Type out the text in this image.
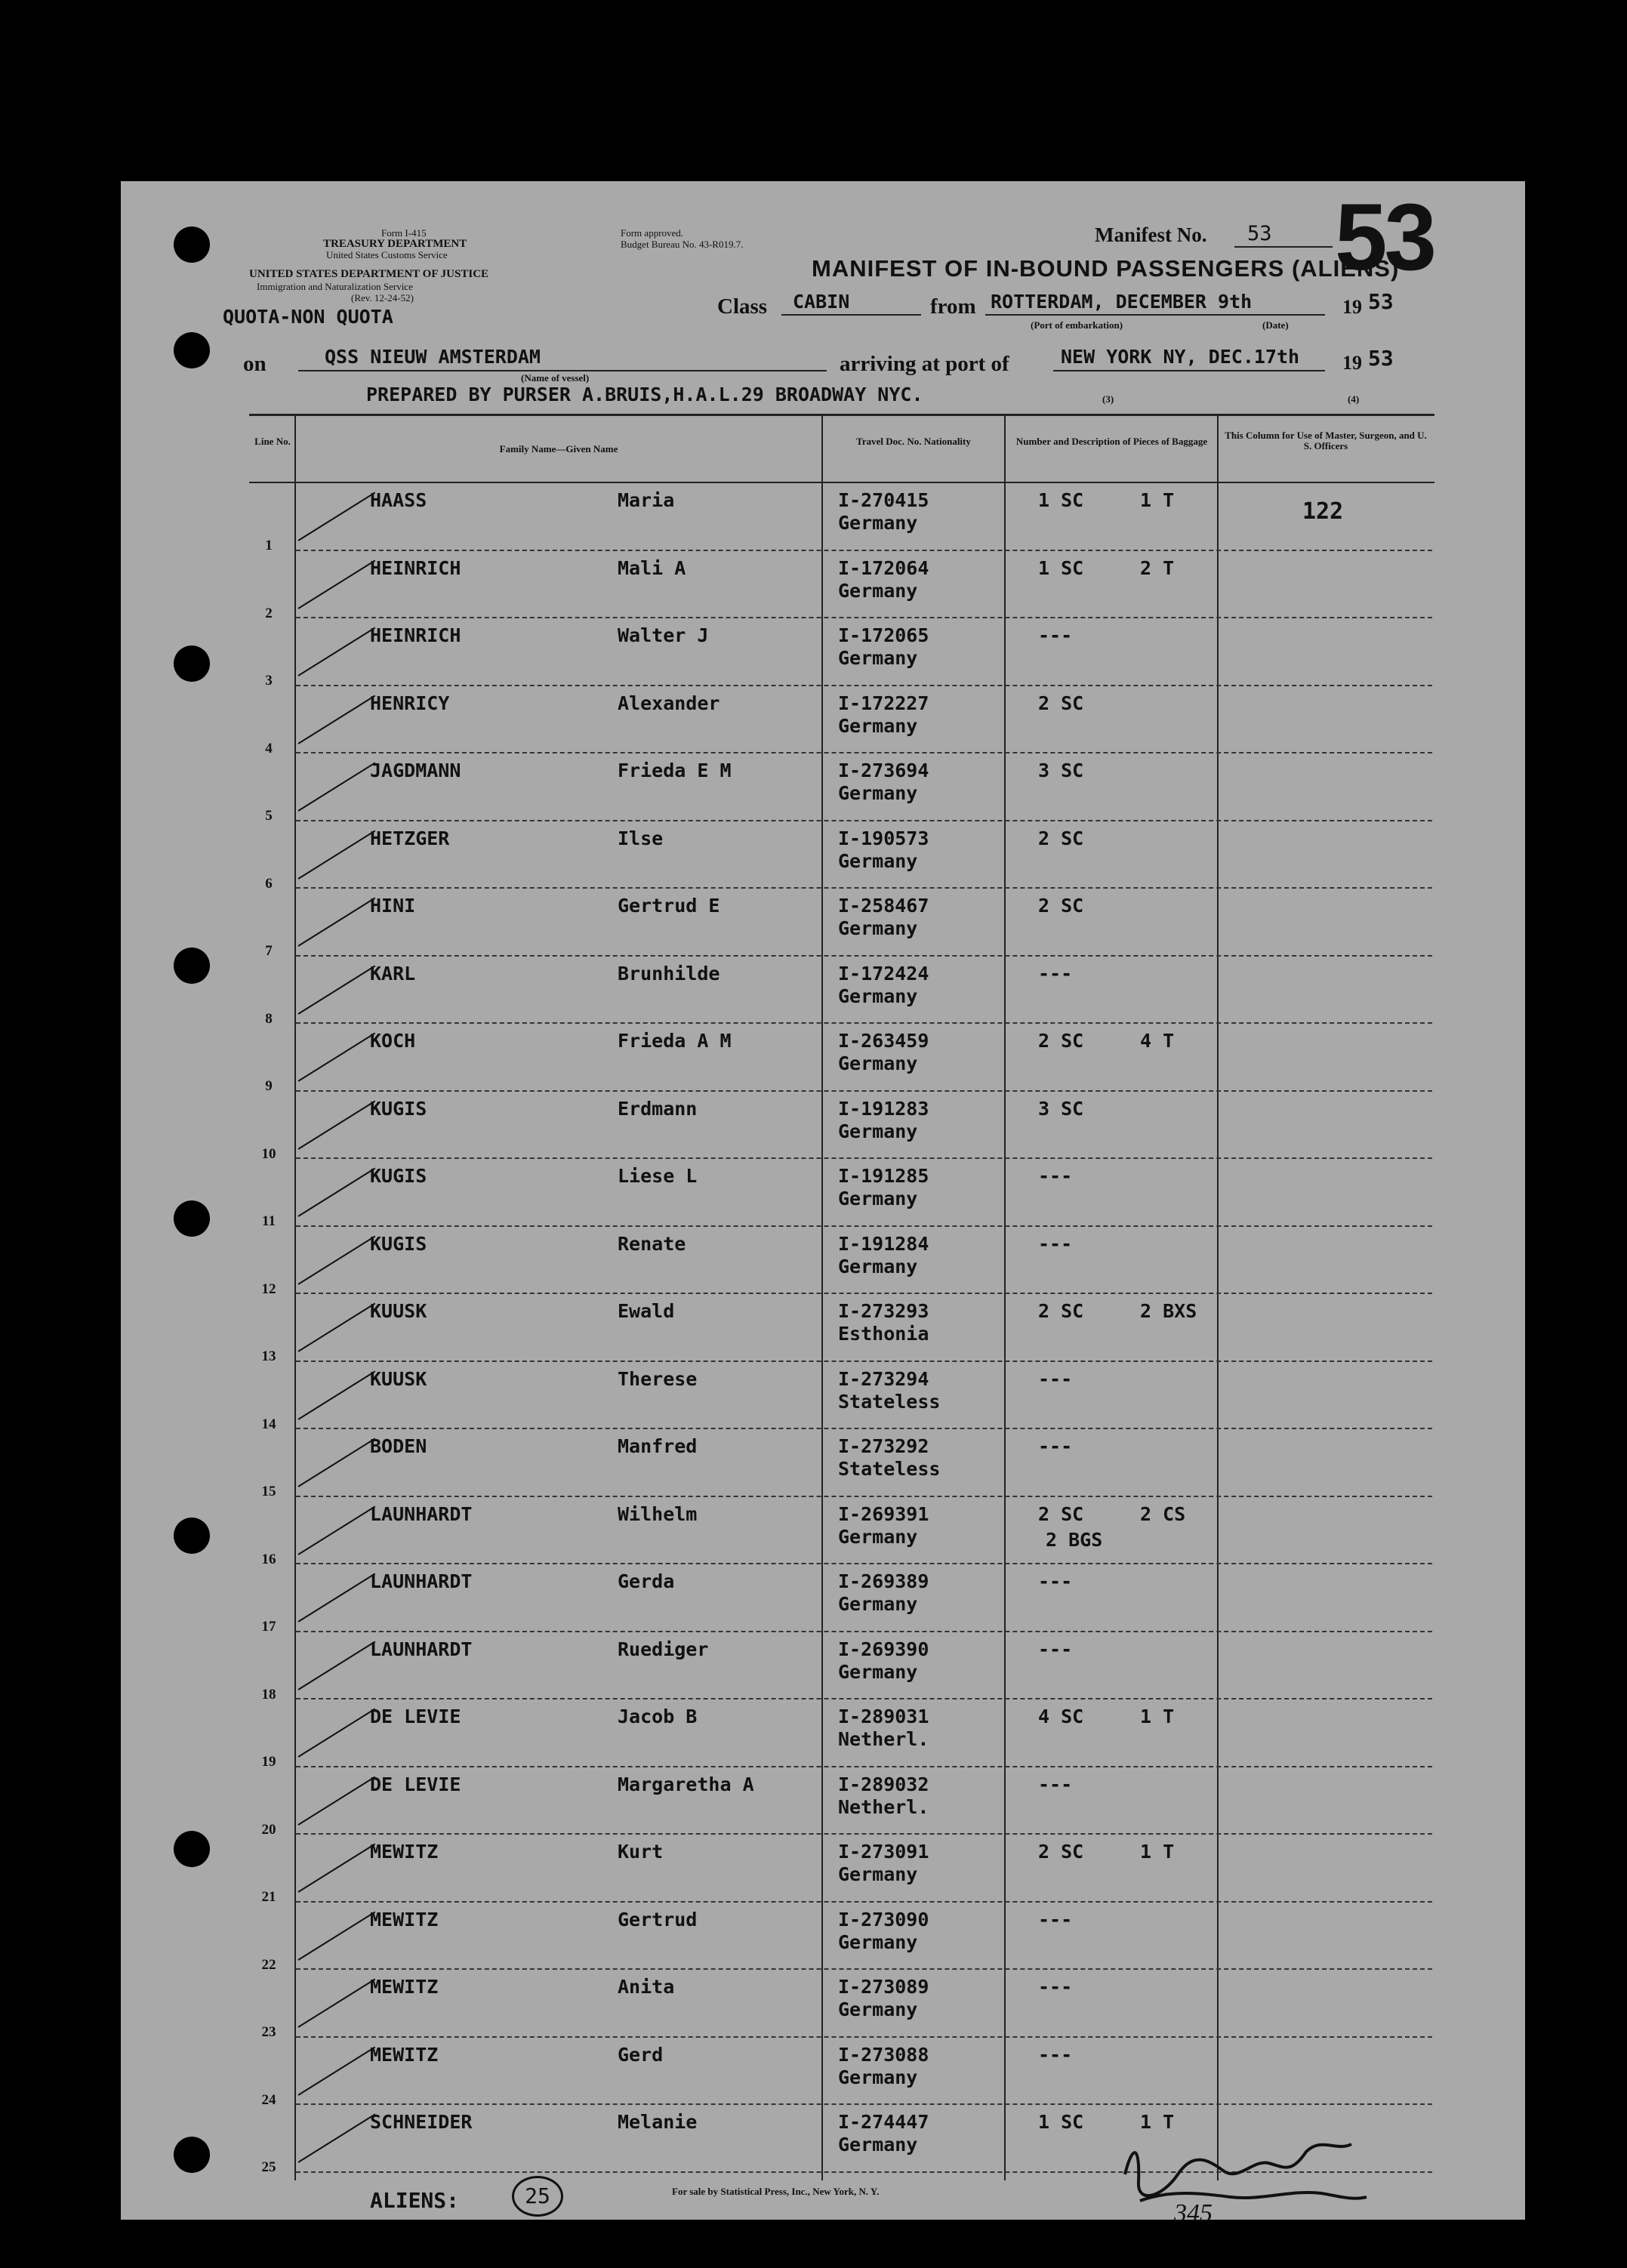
Form I-415
TREASURY DEPARTMENT
United States Customs Service
UNITED STATES DEPARTMENT OF JUSTICE
Immigration and Naturalization Service
(Rev. 12-24-52)
Form approved.
Budget Bureau No. 43-R019.7.	Manifest No. 53 53
MANIFEST OF IN-BOUND PASSENGERS (ALIENS)
QUOTA-NON QUOTA	Class CABIN	from ROTTERDAM, DECEMBER 9th	19 53
(Port of embarkation)	(Date)
on	QSS NIEUW AMSTERDAM
(Name of vessel)
arriving at port of	NEW YORK NY, DEC.17th 19 53
PREPARED BY PURSER A.BRUIS,H.A.L.29 BROADWAY NYC.	(3)	(4)
Line No.
Family Name—Given Name
Travel Doc. No. Nationality	Number and Description of Pieces of Baggage
This Column for Use of Master, Surgeon, and U. S. Officers
1
HAASS	Maria	I-270415
Germany
1 SC	1 T	122
2
HEINRICH	Mali A	I-172064
Germany
1 SC	2 T
3
HEINRICH	Walter J	I-172065
Germany
---
4
HENRICY	Alexander	I-172227
Germany
2 SC
5
JAGDMANN	Frieda E M	I-273694
Germany
3 SC
6
HETZGER	Ilse	I-190573
Germany
2 SC
7
HINI	Gertrud E	I-258467
Germany
2 SC
8
KARL	Brunhilde	I-172424
Germany
---
9
KOCH	Frieda A M	I-263459
Germany
2 SC	4 T
10
KUGIS	Erdmann	I-191283
Germany
3 SC
11
KUGIS	Liese L	I-191285
Germany
---
12
KUGIS	Renate	I-191284
Germany
---
13
KUUSK	Ewald	I-273293
Esthonia
2 SC	2 BXS
14
KUUSK	Therese	I-273294
Stateless
---
15
BODEN	Manfred	I-273292
Stateless
---
16
LAUNHARDT	Wilhelm	I-269391
Germany
2 SC	2 CS
2 BGS
17
LAUNHARDT	Gerda	I-269389
Germany
---
18
LAUNHARDT	Ruediger	I-269390
Germany
---
19
DE LEVIE	Jacob B	I-289031
Netherl.
4 SC	1 T
20
DE LEVIE	Margaretha A	I-289032
Netherl.
---
21
MEWITZ	Kurt	I-273091
Germany
2 SC	1 T
22
MEWITZ	Gertrud	I-273090
Germany
---
23
MEWITZ	Anita	I-273089
Germany
---
24
MEWITZ	Gerd	I-273088
Germany
---
25
SCHNEIDER	Melanie	I-274447
Germany
1 SC	1 T
ALIENS:	25	For sale by Statistical Press, Inc., New York, N. Y.
345
